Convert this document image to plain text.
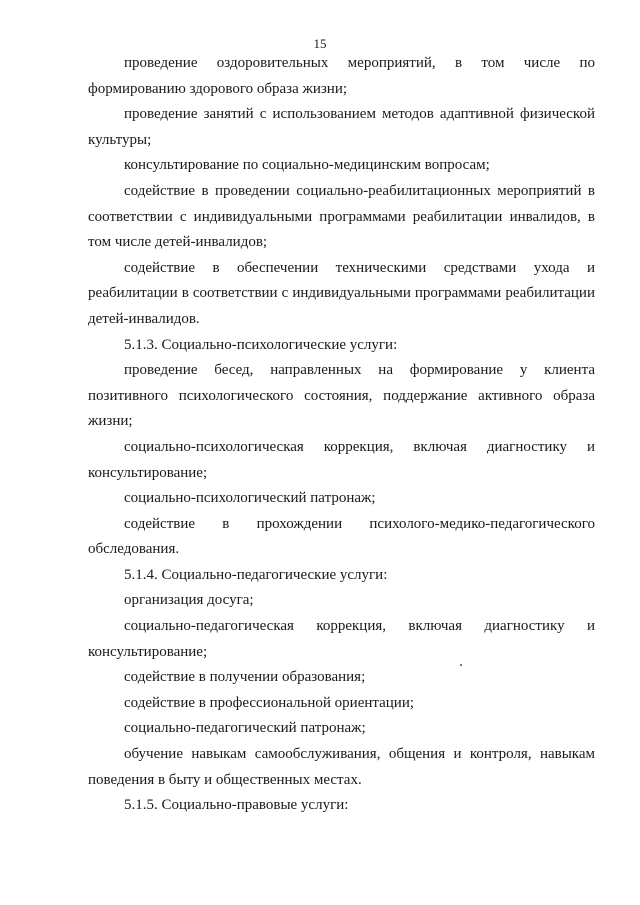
15

проведение оздоровительных мероприятий, в том числе по формированию здорового образа жизни;

проведение занятий с использованием методов адаптивной физической культуры;

консультирование по социально-медицинским вопросам;

содействие в проведении социально-реабилитационных мероприятий в соответствии с индивидуальными программами реабилитации инвалидов, в том числе детей-инвалидов;

содействие в обеспечении техническими средствами ухода и реабилитации в соответствии с индивидуальными программами реабилитации детей-инвалидов.

5.1.3. Социально-психологические услуги:

проведение бесед, направленных на формирование у клиента позитивного психологического состояния, поддержание активного образа жизни;

социально-психологическая коррекция, включая диагностику и консультирование;

социально-психологический патронаж;

содействие в прохождении психолого-медико-педагогического обследования.

5.1.4. Социально-педагогические услуги:

организация досуга;

социально-педагогическая коррекция, включая диагностику и консультирование;

содействие в получении образования;

содействие в профессиональной ориентации;

социально-педагогический патронаж;

обучение навыкам самообслуживания, общения и контроля, навыкам поведения в быту и общественных местах.

5.1.5. Социально-правовые услуги:
